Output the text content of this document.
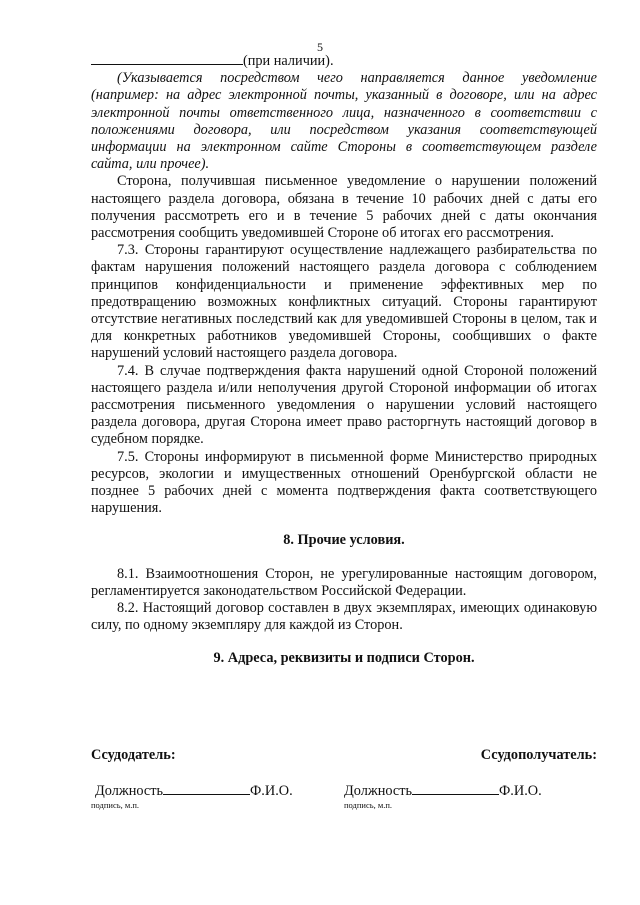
5

(при наличии).

(Указывается посредством чего направляется данное уведомление (например: на адрес электронной почты, указанный в договоре, или на адрес электронной почты ответственного лица, назначенного в соответствии с положениями договора, или посредством указания соответствующей информации на электронном сайте Стороны в соответствующем разделе сайта, или прочее).

Сторона, получившая письменное уведомление о нарушении положений настоящего раздела договора, обязана в течение 10 рабочих дней с даты его получения рассмотреть его и в течение 5 рабочих дней с даты окончания рассмотрения сообщить уведомившей Стороне об итогах его рассмотрения.

7.3. Стороны гарантируют осуществление надлежащего разбирательства по фактам нарушения положений настоящего раздела договора с соблюдением принципов конфиденциальности и применение эффективных мер по предотвращению возможных конфликтных ситуаций. Стороны гарантируют отсутствие негативных последствий как для уведомившей Стороны в целом, так и для конкретных работников уведомившей Стороны, сообщивших о факте нарушений условий настоящего раздела договора.

7.4. В случае подтверждения факта нарушений одной Стороной положений настоящего раздела и/или неполучения другой Стороной информации об итогах рассмотрения письменного уведомления о нарушении условий настоящего раздела договора, другая Сторона имеет право расторгнуть настоящий договор в судебном порядке.

7.5. Стороны информируют в письменной форме Министерство природных ресурсов, экологии и имущественных отношений Оренбургской области не позднее 5 рабочих дней с момента подтверждения факта соответствующего нарушения.

8. Прочие условия.

8.1. Взаимоотношения Сторон, не урегулированные настоящим договором, регламентируется законодательством Российской Федерации.

8.2. Настоящий договор составлен в двух экземплярах, имеющих одинаковую силу, по одному экземпляру для каждой из Сторон.

9. Адреса, реквизиты и подписи Сторон.

Ссудодатель:	Ссудополучатель:
Должность	Ф.И.О.	Должность	Ф.И.О.
подпись, м.п.	подпись, м.п.
